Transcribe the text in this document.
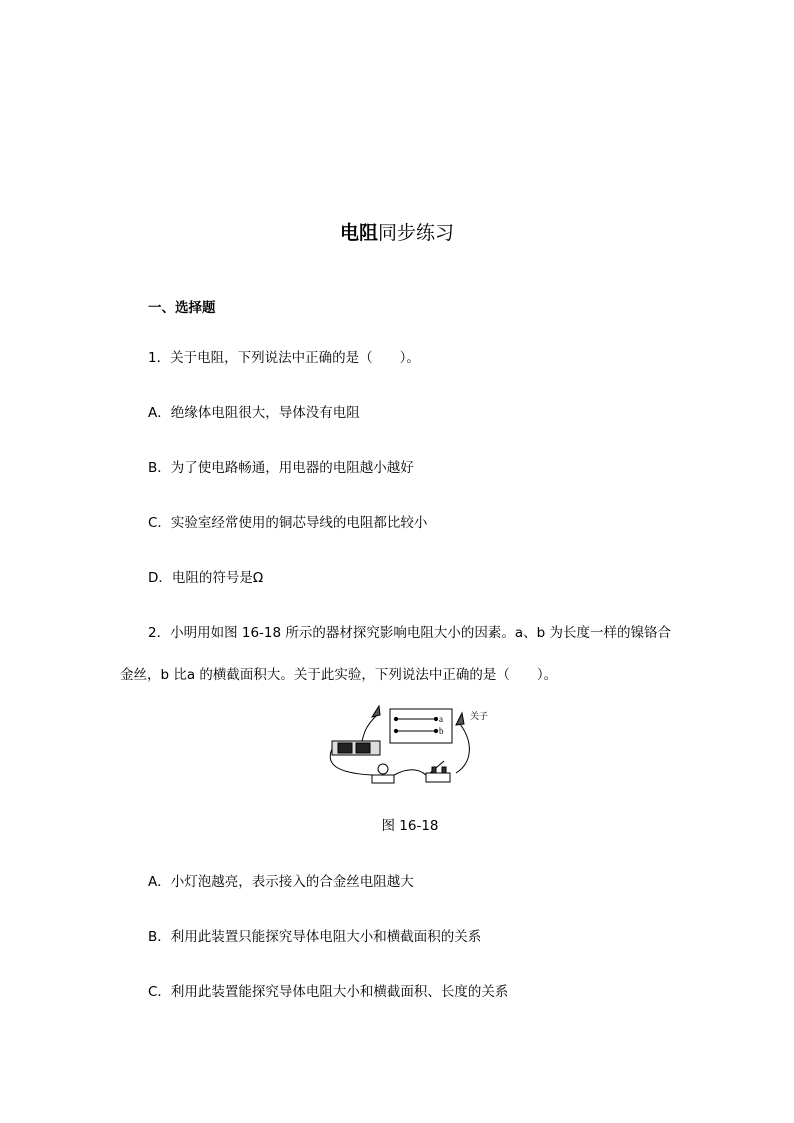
电阻同步练习
一、选择题
1．关于电阻，下列说法中正确的是（　　）。
A．绝缘体电阻很大，导体没有电阻
B．为了使电路畅通，用电器的电阻越小越好
C．实验室经常使用的铜芯导线的电阻都比较小
D．电阻的符号是Ω
2．小明用如图 16-18 所示的器材探究影响电阻大小的因素。a、b 为长度一样的镍铬合
金丝，b 比a 的横截面积大。关于此实验，下列说法中正确的是（　　）。
a
b
关子
图 16-18
A．小灯泡越亮，表示接入的合金丝电阻越大
B．利用此装置只能探究导体电阻大小和横截面积的关系
C．利用此装置能探究导体电阻大小和横截面积、长度的关系
